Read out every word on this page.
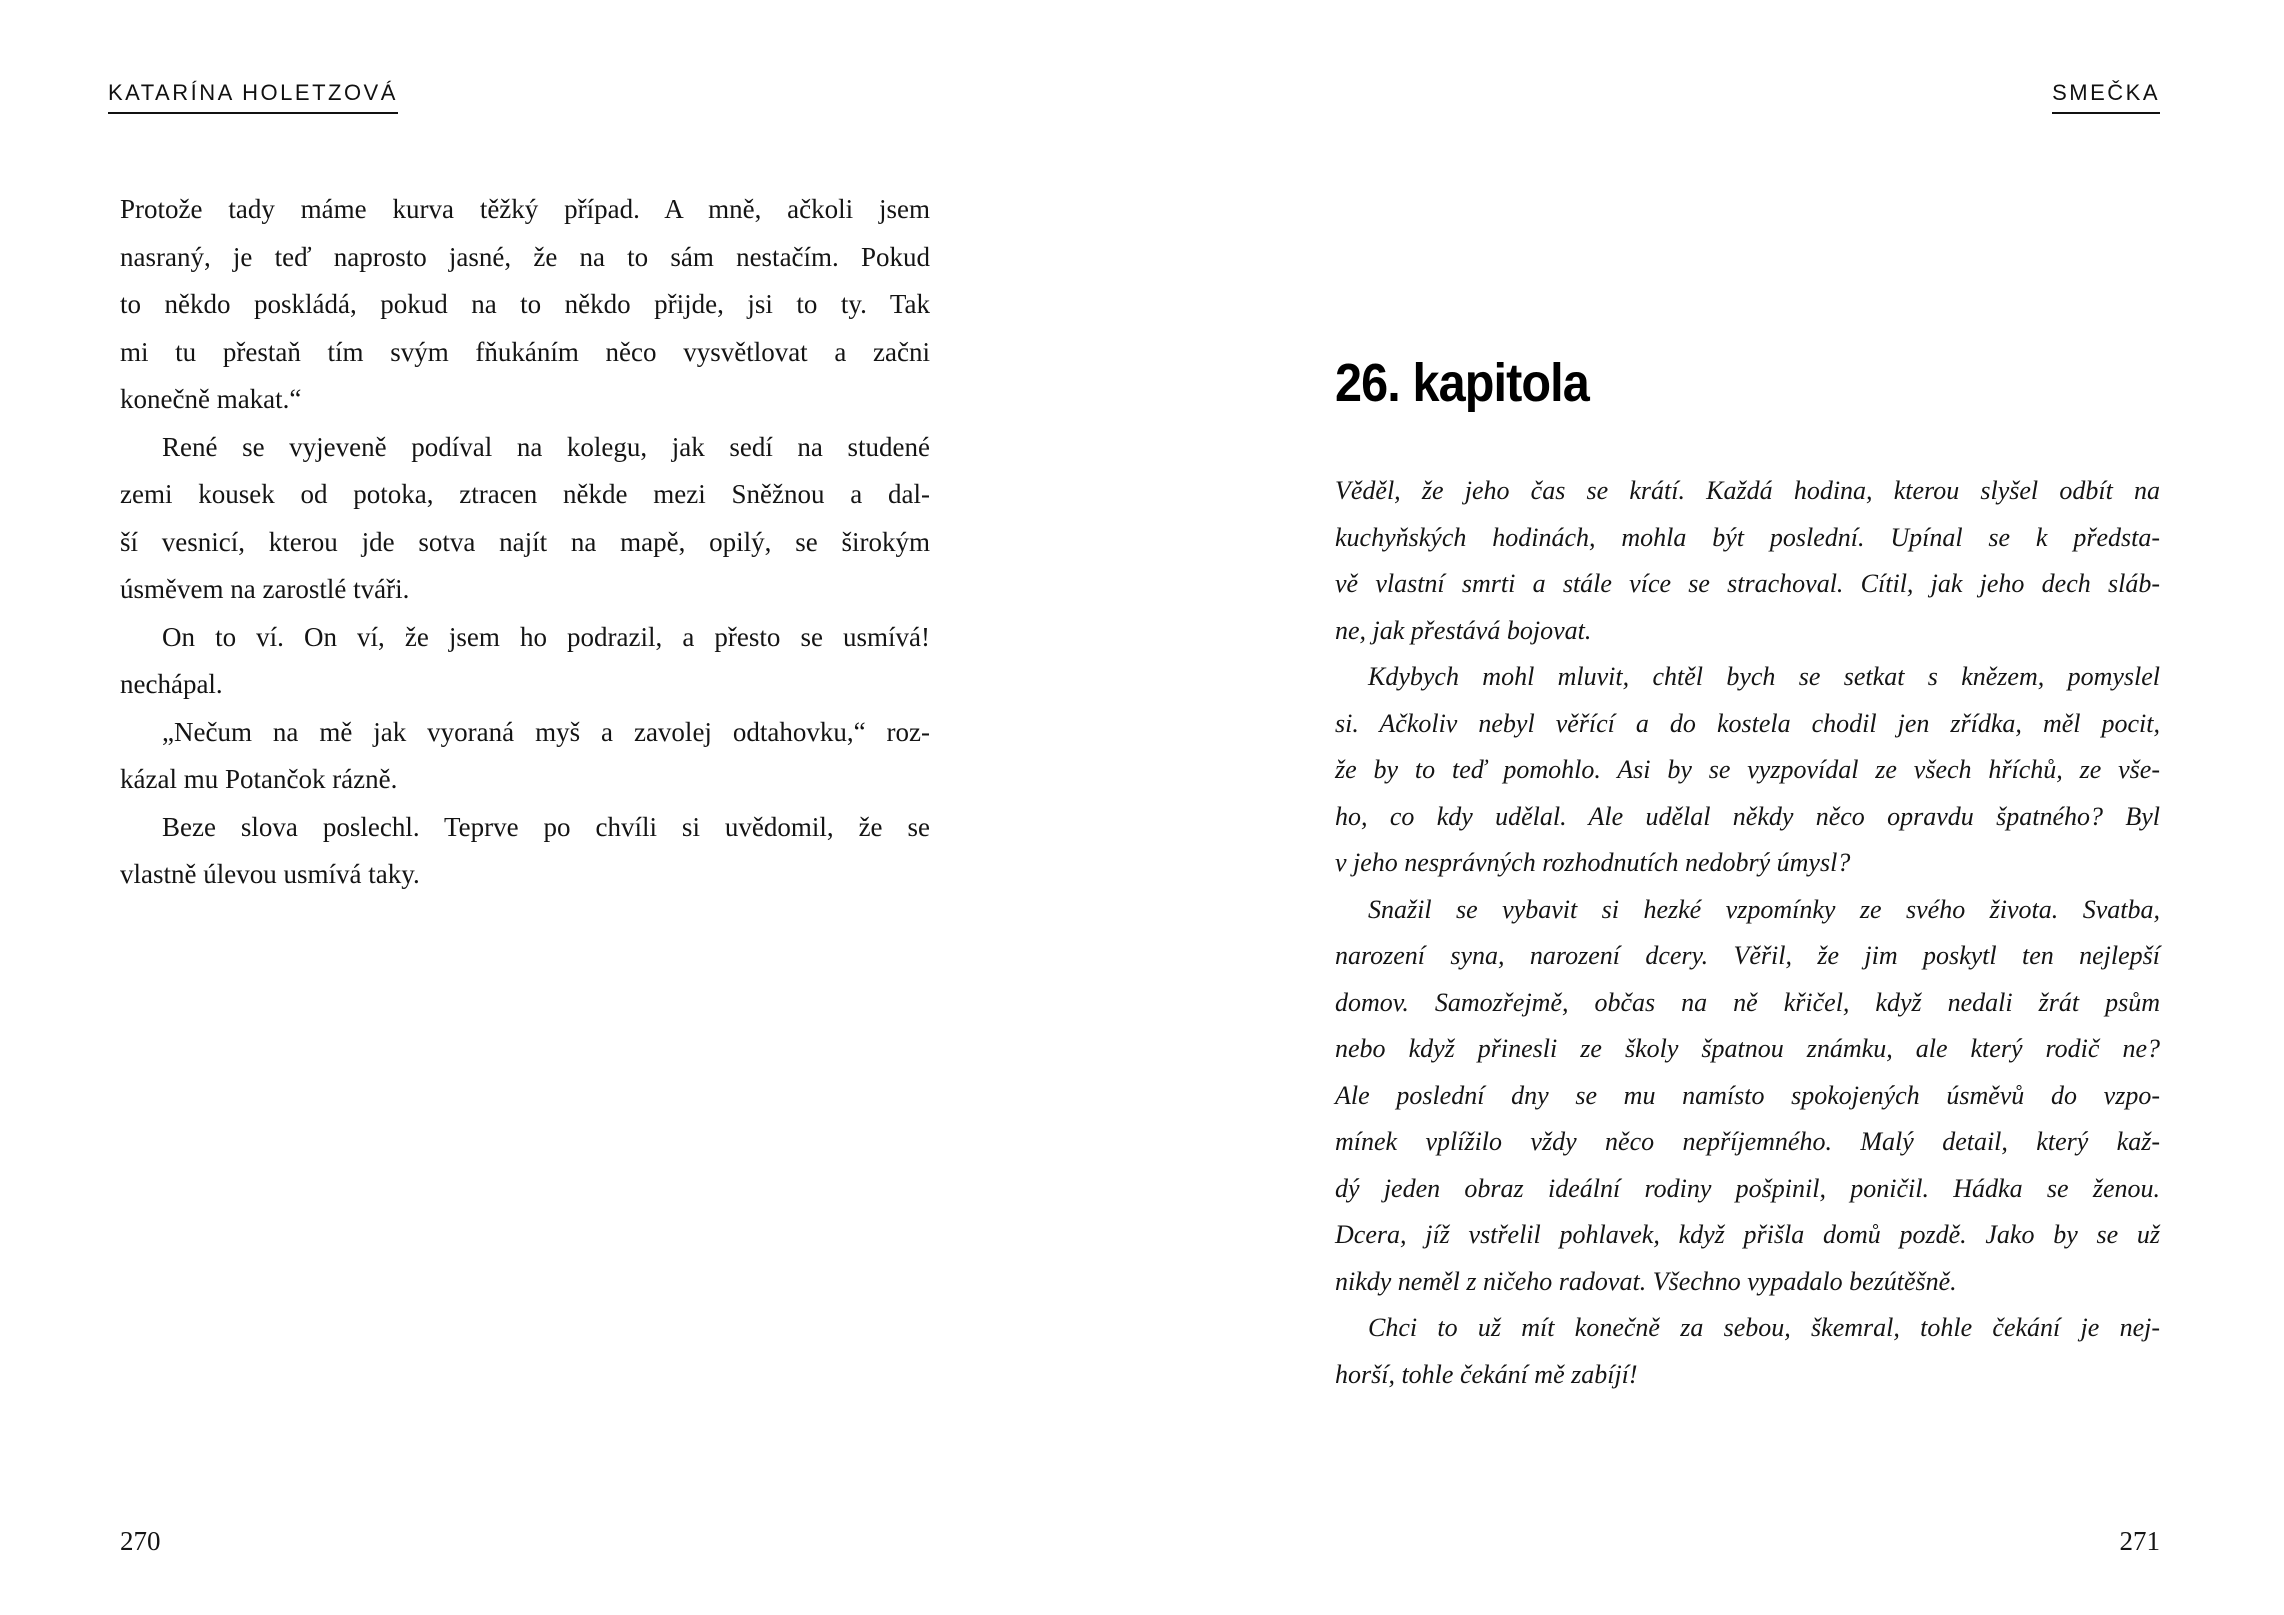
KATARÍNA HOLETZOVÁ	SMEČKA
Protože tady máme kurva těžký případ. A mně, ačkoli jsem
nasraný, je teď naprosto jasné, že na to sám nestačím. Pokud
to někdo poskládá, pokud na to někdo přijde, jsi to ty. Tak
mi tu přestaň tím svým fňukáním něco vysvětlovat a začni
konečně makat.“
René se vyjeveně podíval na kolegu, jak sedí na studené
zemi kousek od potoka, ztracen někde mezi Sněžnou a dal-
ší vesnicí, kterou jde sotva najít na mapě, opilý, se širokým
úsměvem na zarostlé tváři.
On to ví. On ví, že jsem ho podrazil, a přesto se usmívá!
nechápal.
„Nečum na mě jak vyoraná myš a zavolej odtahovku,“ roz-
kázal mu Potančok rázně.
Beze slova poslechl. Teprve po chvíli si uvědomil, že se
vlastně úlevou usmívá taky.
26. kapitola
Věděl, že jeho čas se krátí. Každá hodina, kterou slyšel odbít na
kuchyňských hodinách, mohla být poslední. Upínal se k předsta-
vě vlastní smrti a stále více se strachoval. Cítil, jak jeho dech sláb-
ne, jak přestává bojovat.
Kdybych mohl mluvit, chtěl bych se setkat s knězem, pomyslel
si. Ačkoliv nebyl věřící a do kostela chodil jen zřídka, měl pocit,
že by to teď pomohlo. Asi by se vyzpovídal ze všech hříchů, ze vše-
ho, co kdy udělal. Ale udělal někdy něco opravdu špatného? Byl
v jeho nesprávných rozhodnutích nedobrý úmysl?
Snažil se vybavit si hezké vzpomínky ze svého života. Svatba,
narození syna, narození dcery. Věřil, že jim poskytl ten nejlepší
domov. Samozřejmě, občas na ně křičel, když nedali žrát psům
nebo když přinesli ze školy špatnou známku, ale který rodič ne?
Ale poslední dny se mu namísto spokojených úsměvů do vzpo-
mínek vplížilo vždy něco nepříjemného. Malý detail, který kaž-
dý jeden obraz ideální rodiny pošpinil, poničil. Hádka se ženou.
Dcera, jíž vstřelil pohlavek, když přišla domů pozdě. Jako by se už
nikdy neměl z ničeho radovat. Všechno vypadalo bezútěšně.
Chci to už mít konečně za sebou, škemral, tohle čekání je nej-
horší, tohle čekání mě zabíjí!
270	271
